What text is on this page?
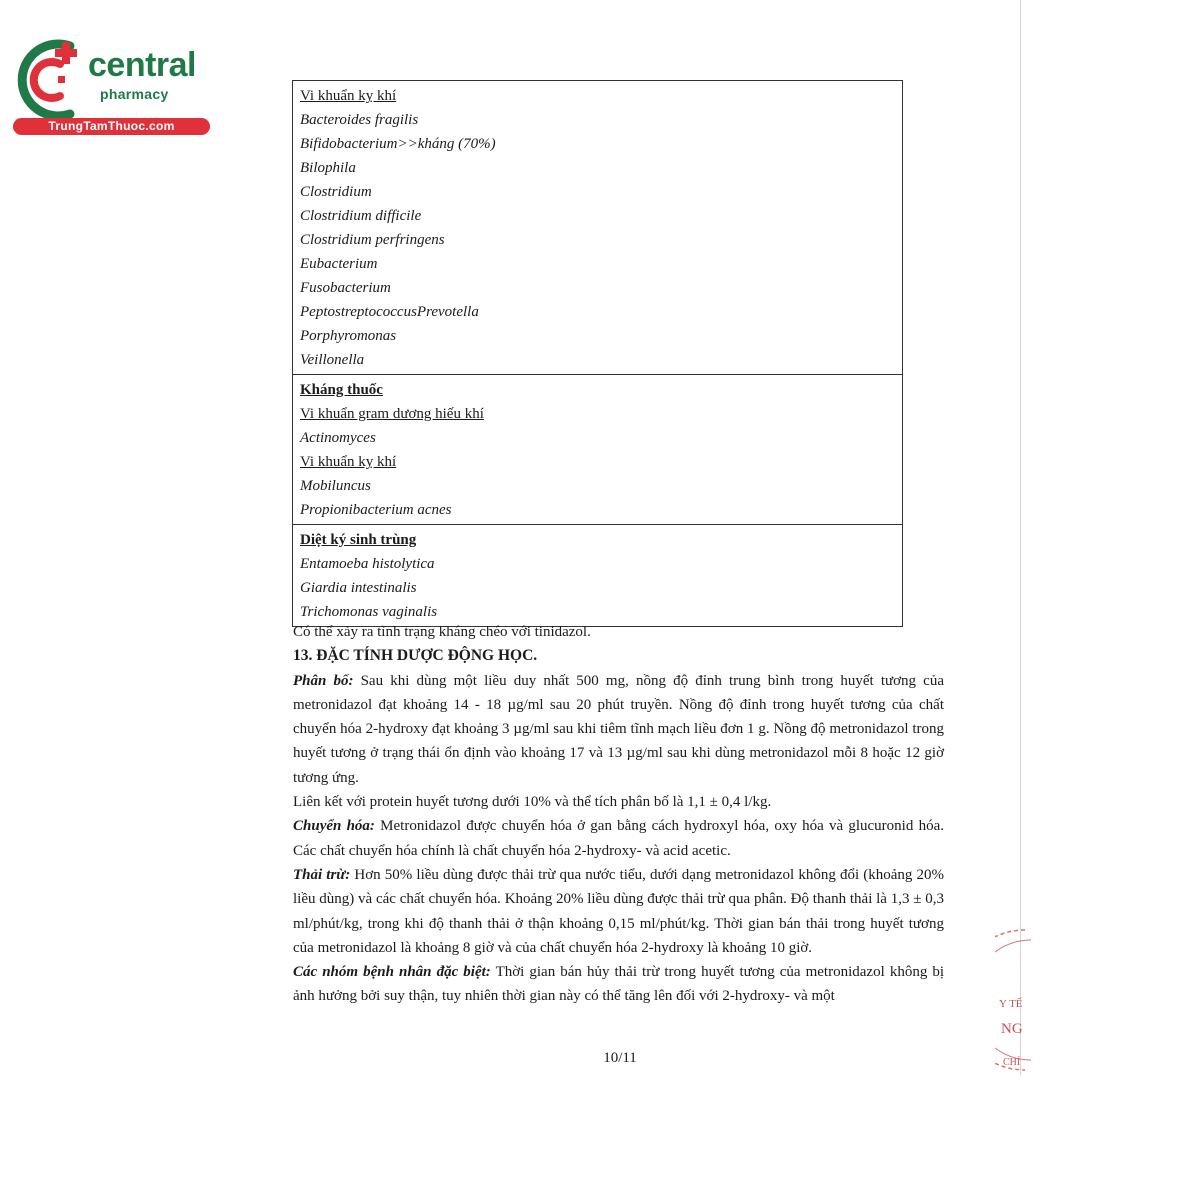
central
pharmacy
TrungTamThuoc.com
Vi khuẩn kỵ khí
Bacteroides fragilis
Bifidobacterium>>kháng (70%)
Bilophila
Clostridium
Clostridium difficile
Clostridium perfringens
Eubacterium
Fusobacterium
PeptostreptococcusPrevotella
Porphyromonas
Veillonella
Kháng thuốc
Vi khuẩn gram dương hiếu khí
Actinomyces
Vi khuẩn kỵ khí
Mobiluncus
Propionibacterium acnes
Diệt ký sinh trùng
Entamoeba histolytica
Giardia intestinalis
Trichomonas vaginalis
Có thể xảy ra tình trạng kháng chéo với tinidazol.
13. ĐẶC TÍNH DƯỢC ĐỘNG HỌC.
Phân bố: Sau khi dùng một liều duy nhất 500 mg, nồng độ đỉnh trung bình trong huyết tương của metronidazol đạt khoảng 14 - 18 µg/ml sau 20 phút truyền. Nồng độ đỉnh trong huyết tương của chất chuyển hóa 2-hydroxy đạt khoảng 3 µg/ml sau khi tiêm tĩnh mạch liều đơn 1 g. Nồng độ metronidazol trong huyết tương ở trạng thái ổn định vào khoảng 17 và 13 µg/ml sau khi dùng metronidazol mỗi 8 hoặc 12 giờ tương ứng.
Liên kết với protein huyết tương dưới 10% và thể tích phân bố là 1,1 ± 0,4 l/kg.
Chuyển hóa: Metronidazol được chuyển hóa ở gan bằng cách hydroxyl hóa, oxy hóa và glucuronid hóa. Các chất chuyển hóa chính là chất chuyển hóa 2-hydroxy- và acid acetic.
Thải trừ: Hơn 50% liều dùng được thải trừ qua nước tiểu, dưới dạng metronidazol không đổi (khoảng 20% liều dùng) và các chất chuyển hóa. Khoảng 20% liều dùng được thải trừ qua phân. Độ thanh thải là 1,3 ± 0,3 ml/phút/kg, trong khi độ thanh thải ở thận khoảng 0,15 ml/phút/kg. Thời gian bán thải trong huyết tương của metronidazol là khoảng 8 giờ và của chất chuyển hóa 2-hydroxy là khoảng 10 giờ.
Các nhóm bệnh nhân đặc biệt: Thời gian bán hủy thải trừ trong huyết tương của metronidazol không bị ảnh hưởng bởi suy thận, tuy nhiên thời gian này có thể tăng lên đối với 2-hydroxy- và một
10/11
Y TẾ
NG
CHỈ
